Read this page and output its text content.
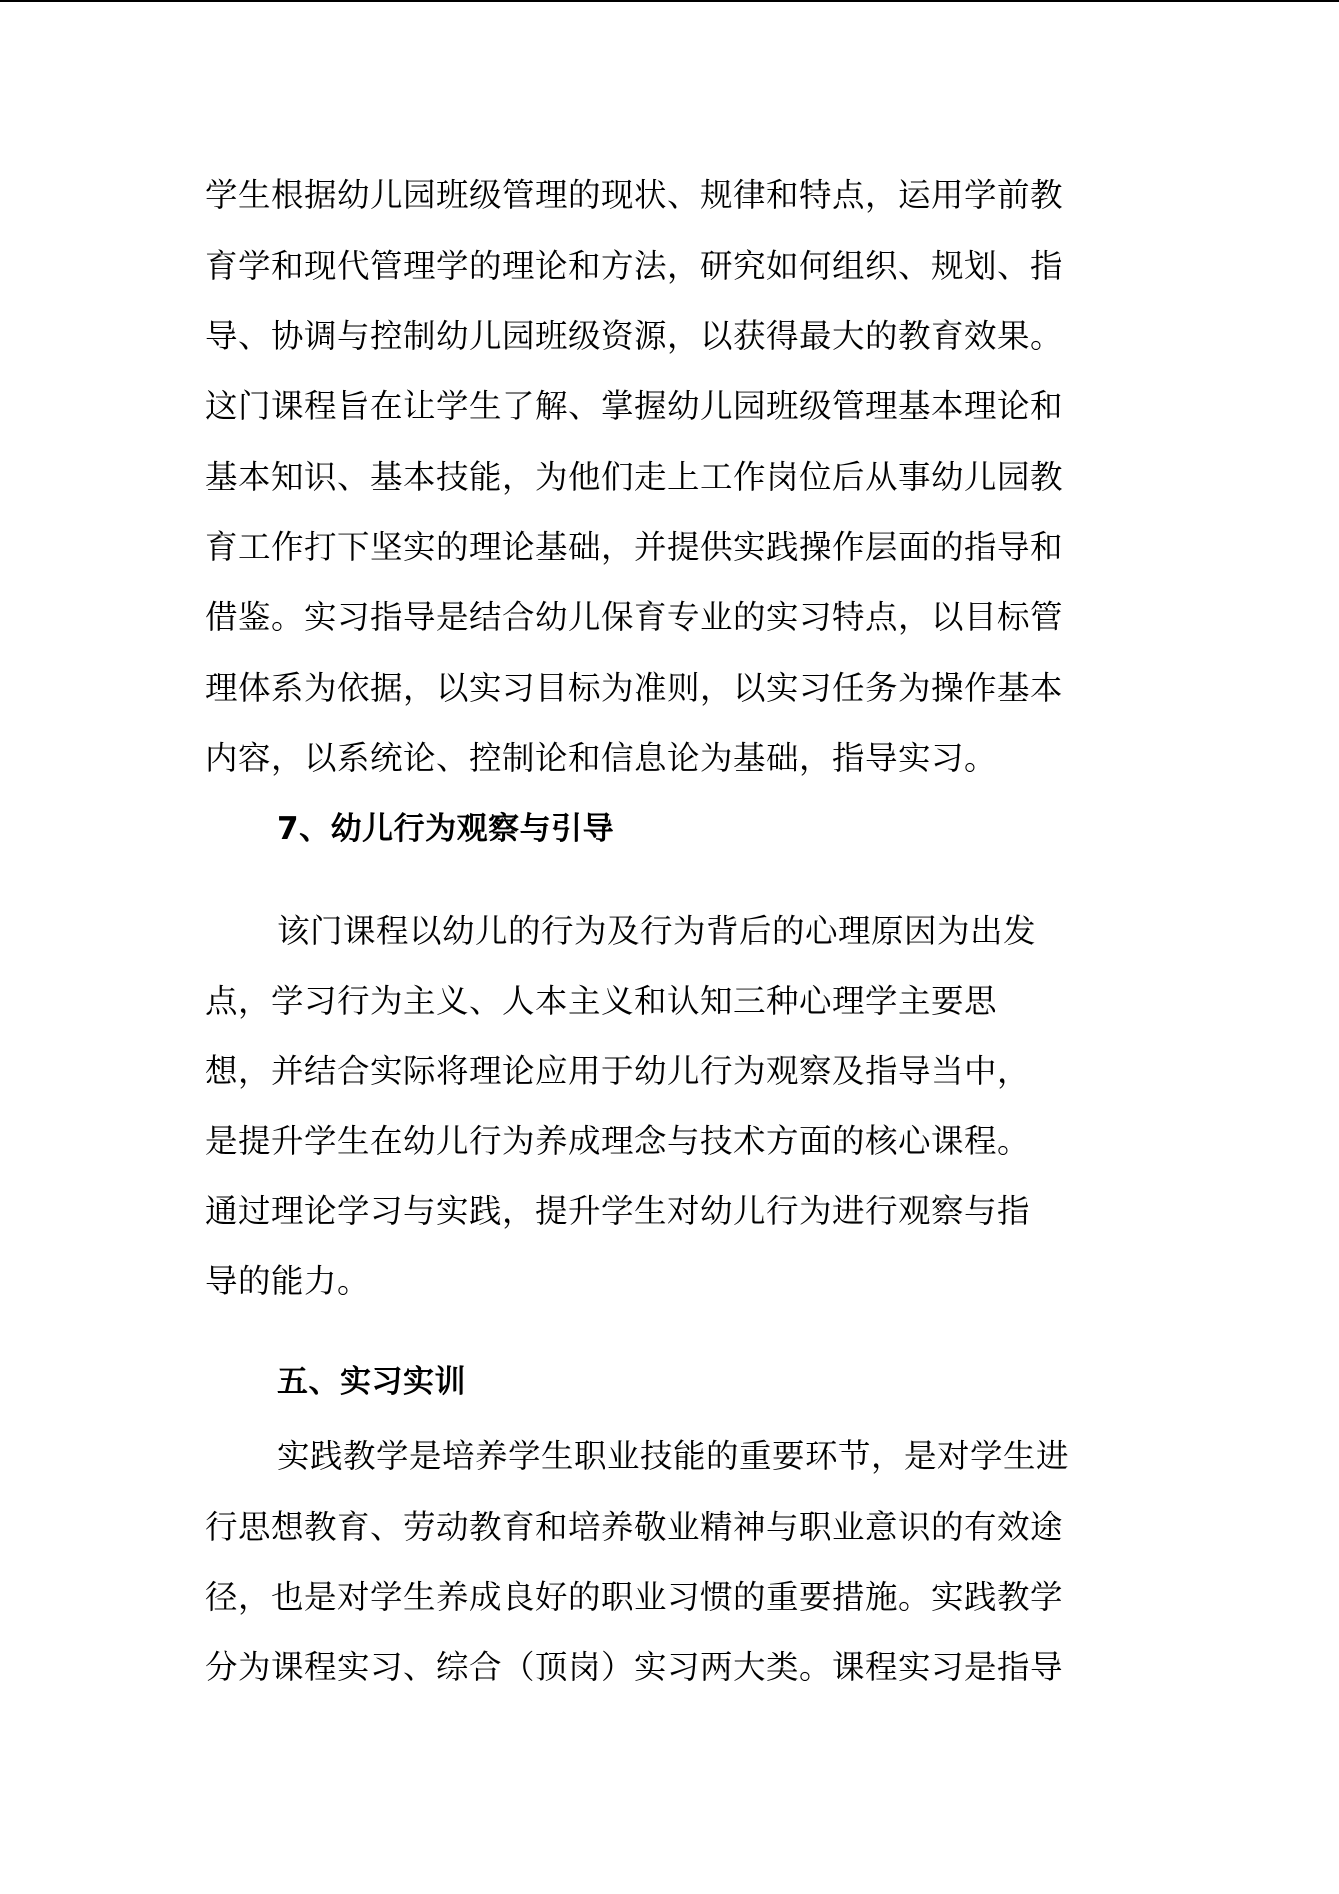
学生根据幼儿园班级管理的现状、规律和特点，运用学前教
育学和现代管理学的理论和方法，研究如何组织、规划、指
导、协调与控制幼儿园班级资源，以获得最大的教育效果。
这门课程旨在让学生了解、掌握幼儿园班级管理基本理论和
基本知识、基本技能，为他们走上工作岗位后从事幼儿园教
育工作打下坚实的理论基础，并提供实践操作层面的指导和
借鉴。实习指导是结合幼儿保育专业的实习特点，以目标管
理体系为依据，以实习目标为准则，以实习任务为操作基本
内容，以系统论、控制论和信息论为基础，指导实习。
7、幼儿行为观察与引导
该门课程以幼儿的行为及行为背后的心理原因为出发
点，学习行为主义、人本主义和认知三种心理学主要思
想，并结合实际将理论应用于幼儿行为观察及指导当中，
是提升学生在幼儿行为养成理念与技术方面的核心课程。
通过理论学习与实践，提升学生对幼儿行为进行观察与指
导的能力。
五、实习实训
实践教学是培养学生职业技能的重要环节，是对学生进
行思想教育、劳动教育和培养敬业精神与职业意识的有效途
径，也是对学生养成良好的职业习惯的重要措施。实践教学
分为课程实习、综合（顶岗）实习两大类。课程实习是指导
